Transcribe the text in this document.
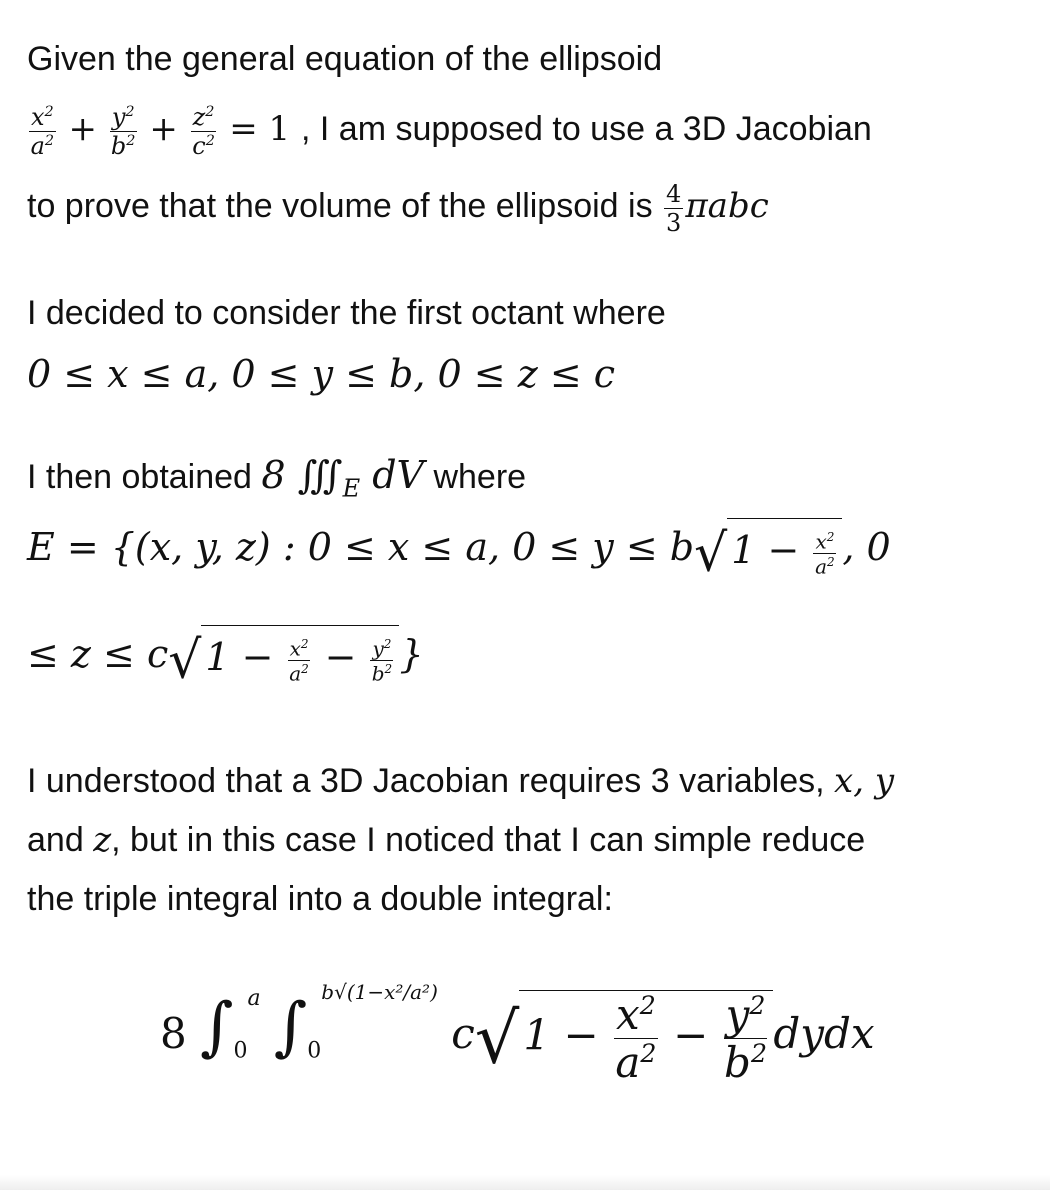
Given the general equation of the ellipsoid
$\frac{x^2}{a^2} + \frac{y^2}{b^2} + \frac{z^2}{c^2} = 1$ , I am supposed to use a 3D Jacobian
to prove that the volume of the ellipsoid is $\frac{4}{3}$ πabc
I decided to consider the first octant where
0 ≤ x ≤ a, 0 ≤ y ≤ b, 0 ≤ z ≤ c
I then obtained 8 $∭_E$ dV where
E = {(x, y, z) : 0 ≤ x ≤ a, 0 ≤ y ≤ b√ $1 - \frac{x^2}{a^2}$ , 0
≤ z ≤ c√ $1 - \frac{x^2}{a^2} - \frac{y^2}{b^2}$ }
I understood that a 3D Jacobian requires 3 variables, x, y
and z, but in this case I noticed that I can simple reduce
the triple integral into a double integral:
8 $\int_0^a$ $\int_0^{b√(1-x^2/a^2)}$ $c√1 - \frac{x^2}{a^2} - \frac{y^2}{b^2}$ dydx
